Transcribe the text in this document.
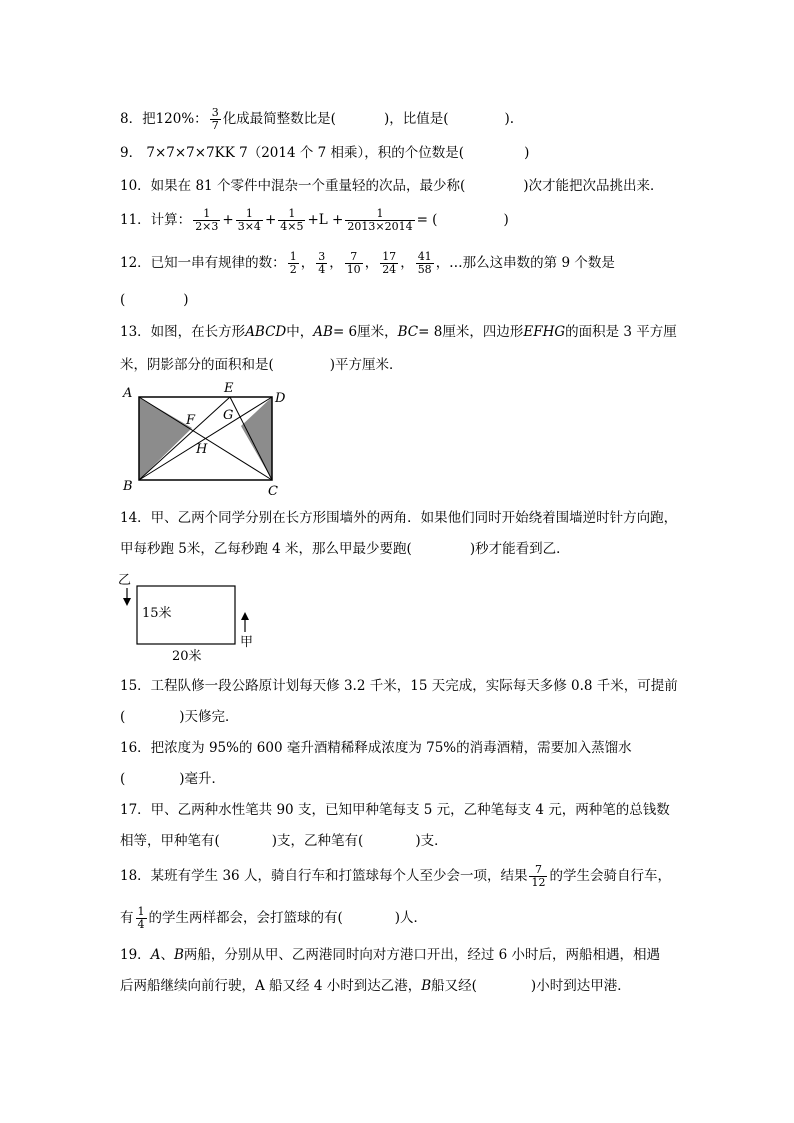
8．把120%： $\frac{3}{7}$ 化成最简整数比是(	)，比值是(	).
9． 7×7×7×7KK 7（2014 个 7 相乘），积的个位数是(	)
10．如果在 81 个零件中混杂一个重量轻的次品，最少称(	)次才能把次品挑出来．
11．计算： $\frac{1}{2\times 3} + \frac{1}{3\times 4} + \frac{1}{4\times 5} +L + \frac{1}{2013\times 2014}$ = (	)
12．已知一串有规律的数： $\frac{1}{2}$ ， $\frac{3}{4}$ ， $\frac{7}{10}$ ， $\frac{17}{24}$ ， $\frac{41}{58}$ ，…那么这串数的第 9 个数是
(	)
13．如图，在长方形ABCD中，AB= 6厘米，BC= 8厘米，四边形EFHG的面积是 3 平方厘
米，阴影部分的面积和是(	)平方厘米．
A
B	C
D
E
F G
H
14．甲、乙两个同学分别在长方形围墙外的两角．如果他们同时开始绕着围墙逆时针方向跑，
甲每秒跑 5米，乙每秒跑 4 米，那么甲最少要跑(	)秒才能看到乙．
乙
甲
15米
20米
15．工程队修一段公路原计划每天修 3.2 千米，15 天完成，实际每天多修 0.8 千米，可提前
(	)天修完．
16．把浓度为 95%的 600 毫升酒精稀释成浓度为 75%的消毒酒精，需要加入蒸馏水
(	)毫升．
17．甲、乙两种水性笔共 90 支，已知甲种笔每支 5 元，乙种笔每支 4 元，两种笔的总钱数
相等，甲种笔有(	)支，乙种笔有(	)支．
18．某班有学生 36 人，骑自行车和打篮球每个人至少会一项，结果 $\frac{7}{12}$ 的学生会骑自行车，
有 $\frac{1}{4}$ 的学生两样都会，会打篮球的有(	)人．
19．A、B两船，分别从甲、乙两港同时向对方港口开出，经过 6 小时后，两船相遇，相遇
后两船继续向前行驶，A 船又经 4 小时到达乙港，B船又经(	)小时到达甲港．
